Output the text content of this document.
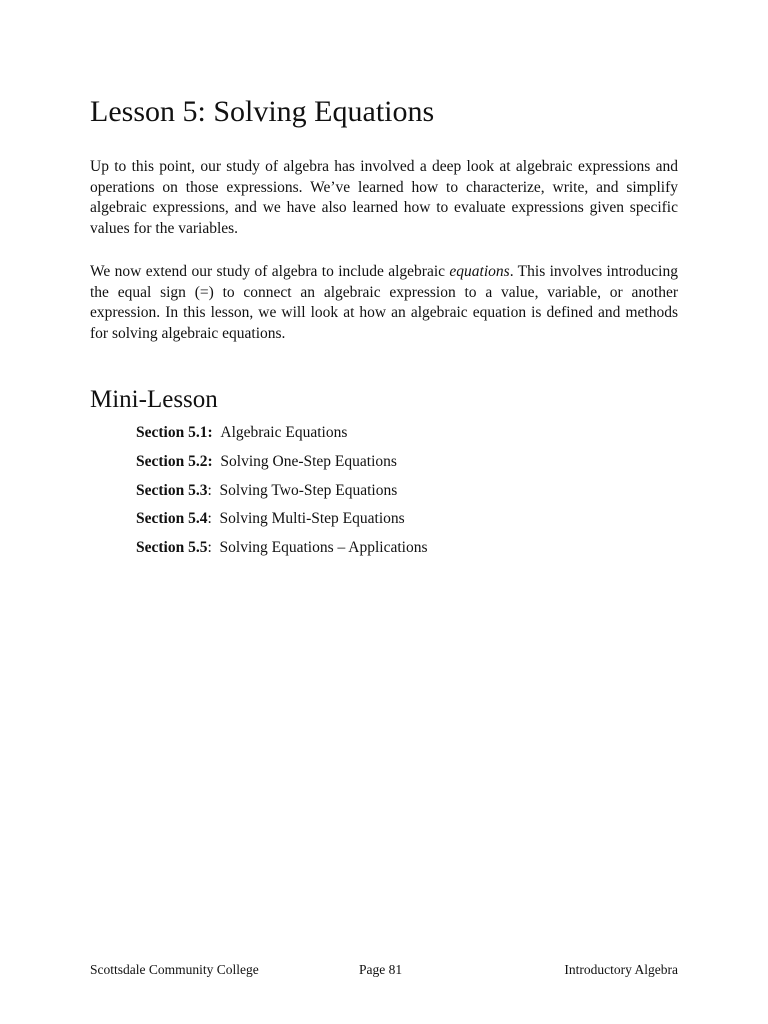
Lesson 5: Solving Equations

Up to this point, our study of algebra has involved a deep look at algebraic expressions and operations on those expressions. We’ve learned how to characterize, write, and simplify algebraic expressions, and we have also learned how to evaluate expressions given specific values for the variables.

We now extend our study of algebra to include algebraic equations. This involves introducing the equal sign (=) to connect an algebraic expression to a value, variable, or another expression. In this lesson, we will look at how an algebraic equation is defined and methods for solving algebraic equations.

Mini-Lesson
Section 5.1: Algebraic Equations
Section 5.2: Solving One-Step Equations
Section 5.3: Solving Two-Step Equations
Section 5.4: Solving Multi-Step Equations
Section 5.5: Solving Equations – Applications
Scottsdale Community College	Page 81	Introductory Algebra
